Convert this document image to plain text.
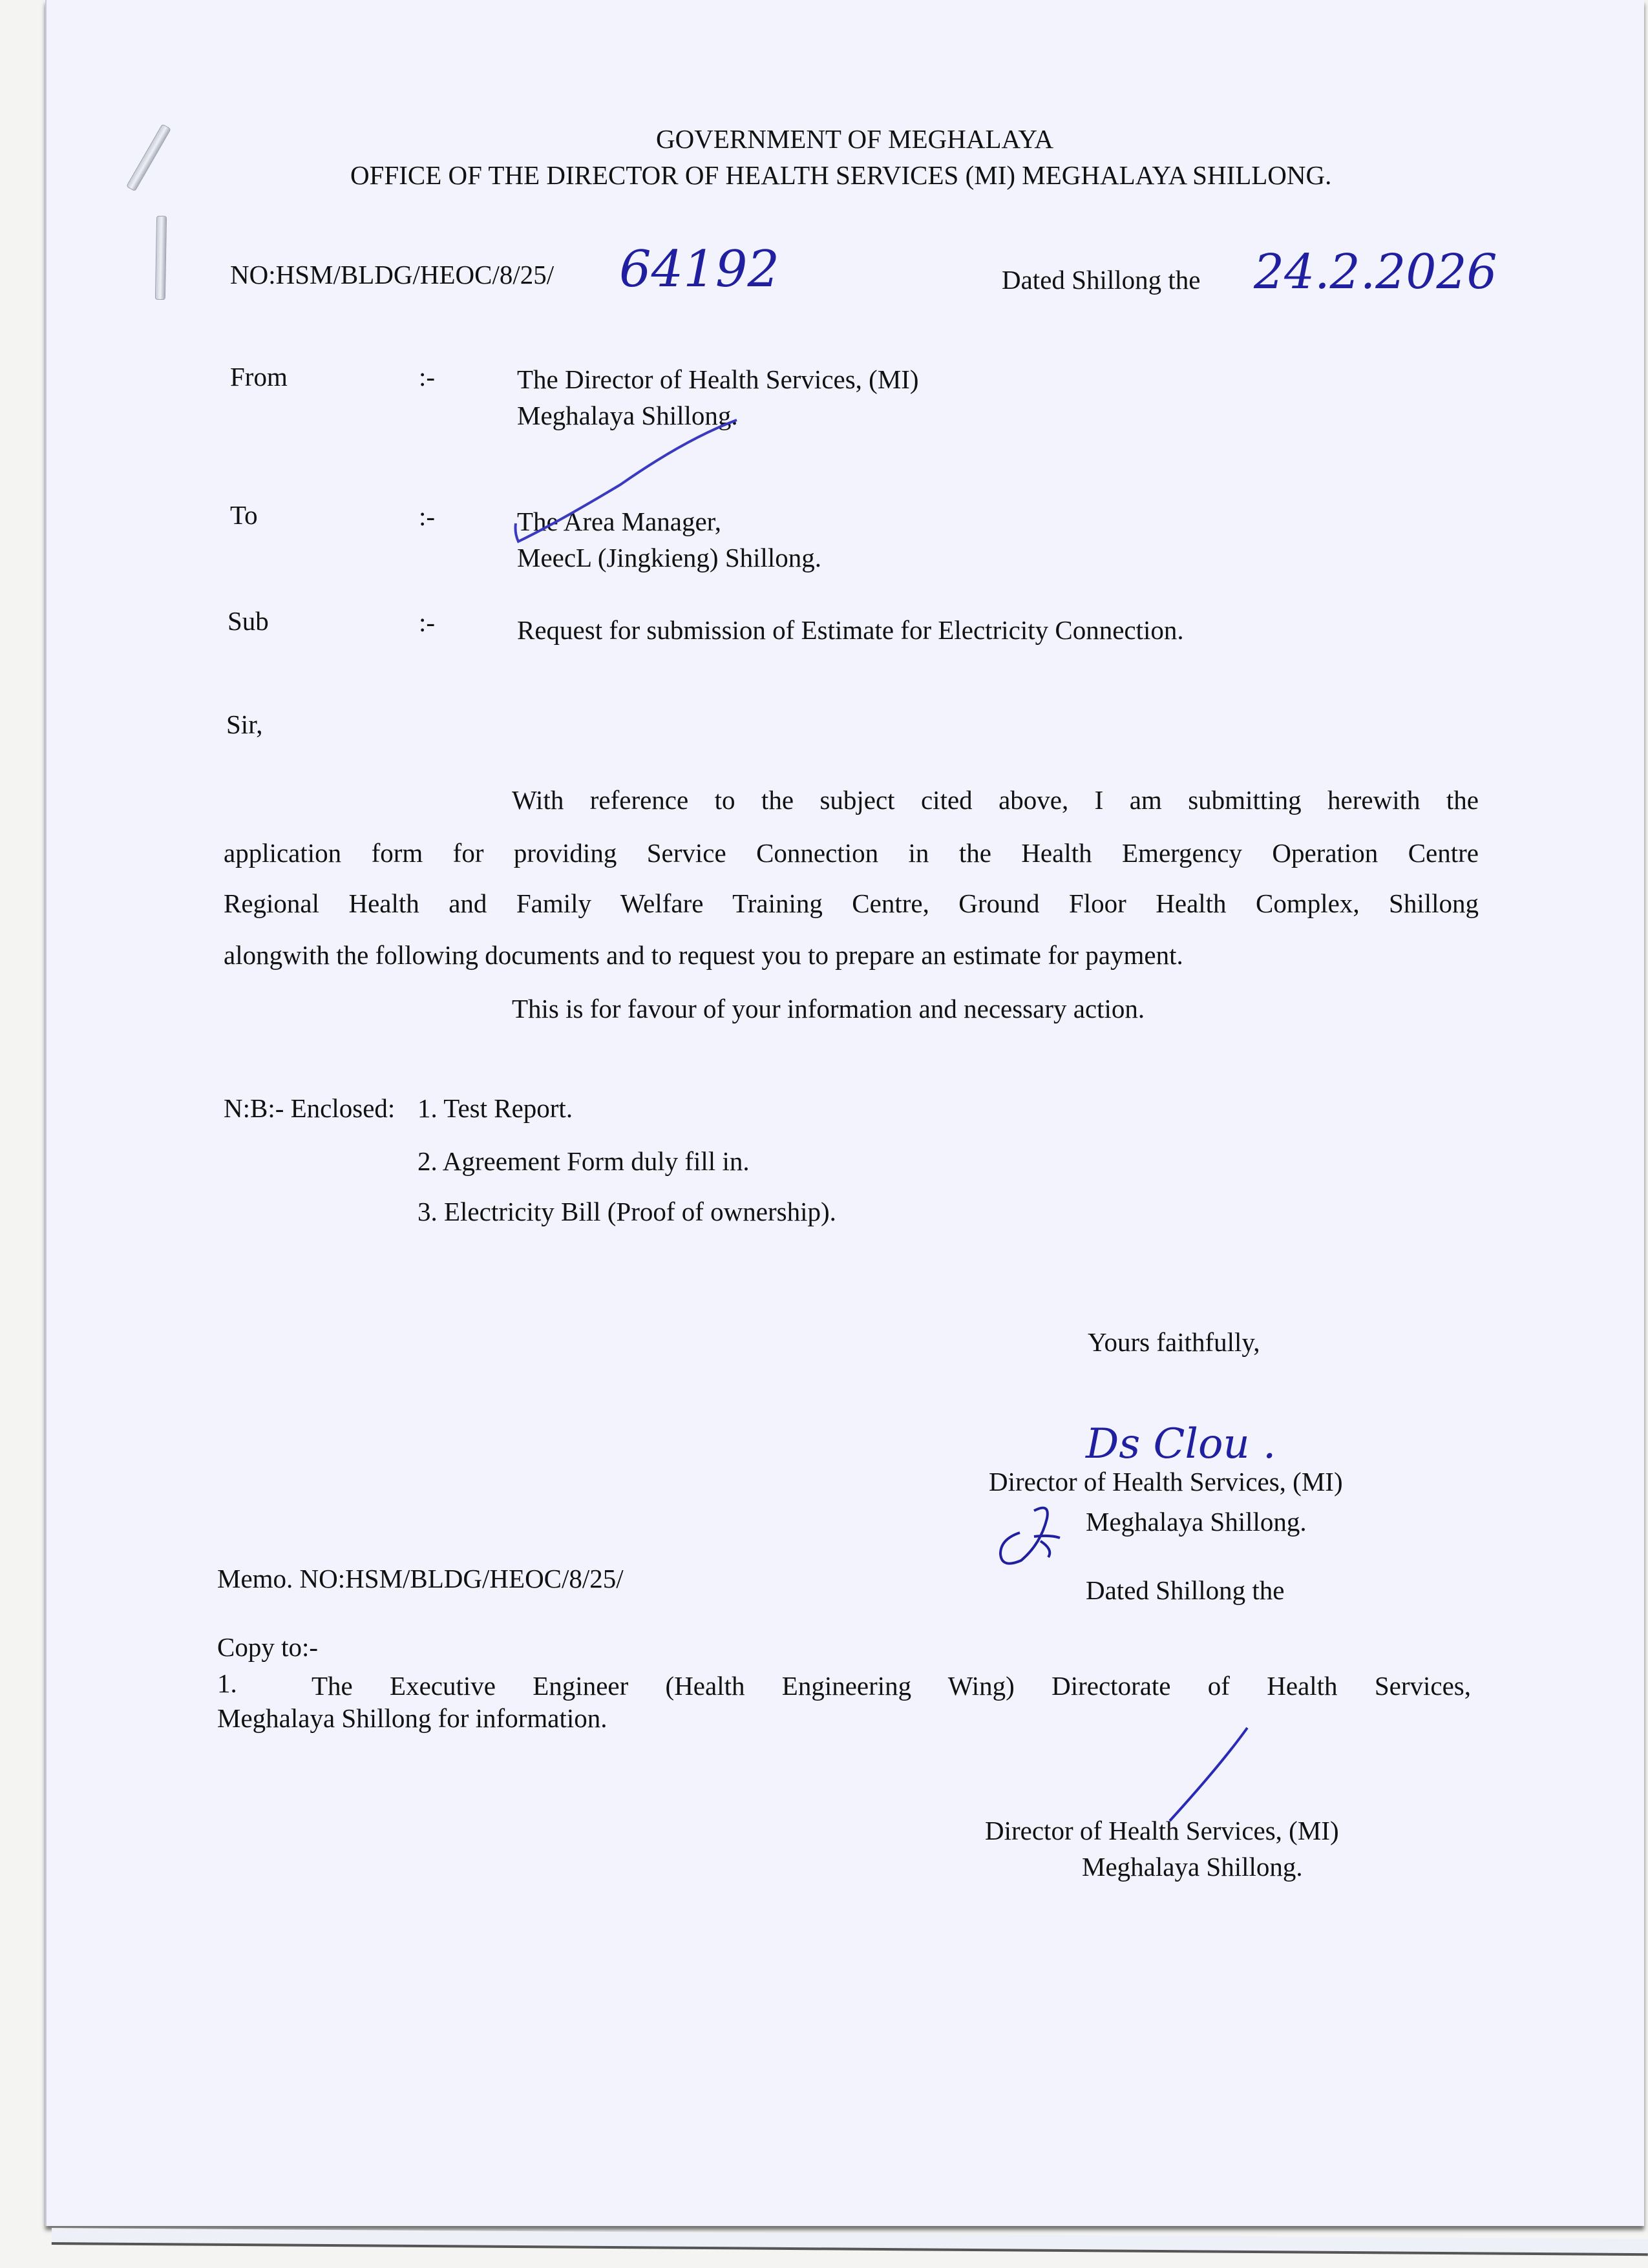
GOVERNMENT OF MEGHALAYA
OFFICE OF THE DIRECTOR OF HEALTH SERVICES (MI) MEGHALAYA SHILLONG.
NO:HSM/BLDG/HEOC/8/25/ 64192	Dated Shillong the 24.2.2026
From	:-	The Director of Health Services, (MI)
Meghalaya Shillong.
To	:-	The Area Manager,
MeecL (Jingkieng) Shillong.
Sub	:-	Request for submission of Estimate for Electricity Connection.
Sir,
With reference to the subject cited above, I am submitting herewith the
application form for providing Service Connection in the Health Emergency Operation Centre
Regional Health and Family Welfare Training Centre, Ground Floor Health Complex, Shillong
alongwith the following documents and to request you to prepare an estimate for payment.
This is for favour of your information and necessary action.
N:B:- Enclosed: 1. Test Report.
2. Agreement Form duly fill in.
3. Electricity Bill (Proof of ownership).
Yours faithfully,
Ds Clou .
Director of Health Services, (MI)
Meghalaya Shillong.
Memo. NO:HSM/BLDG/HEOC/8/25/	Dated Shillong the
Copy to:-
1.	The Executive Engineer (Health Engineering Wing) Directorate of Health Services,
Meghalaya Shillong for information.
Director of Health Services, (MI)
Meghalaya Shillong.
